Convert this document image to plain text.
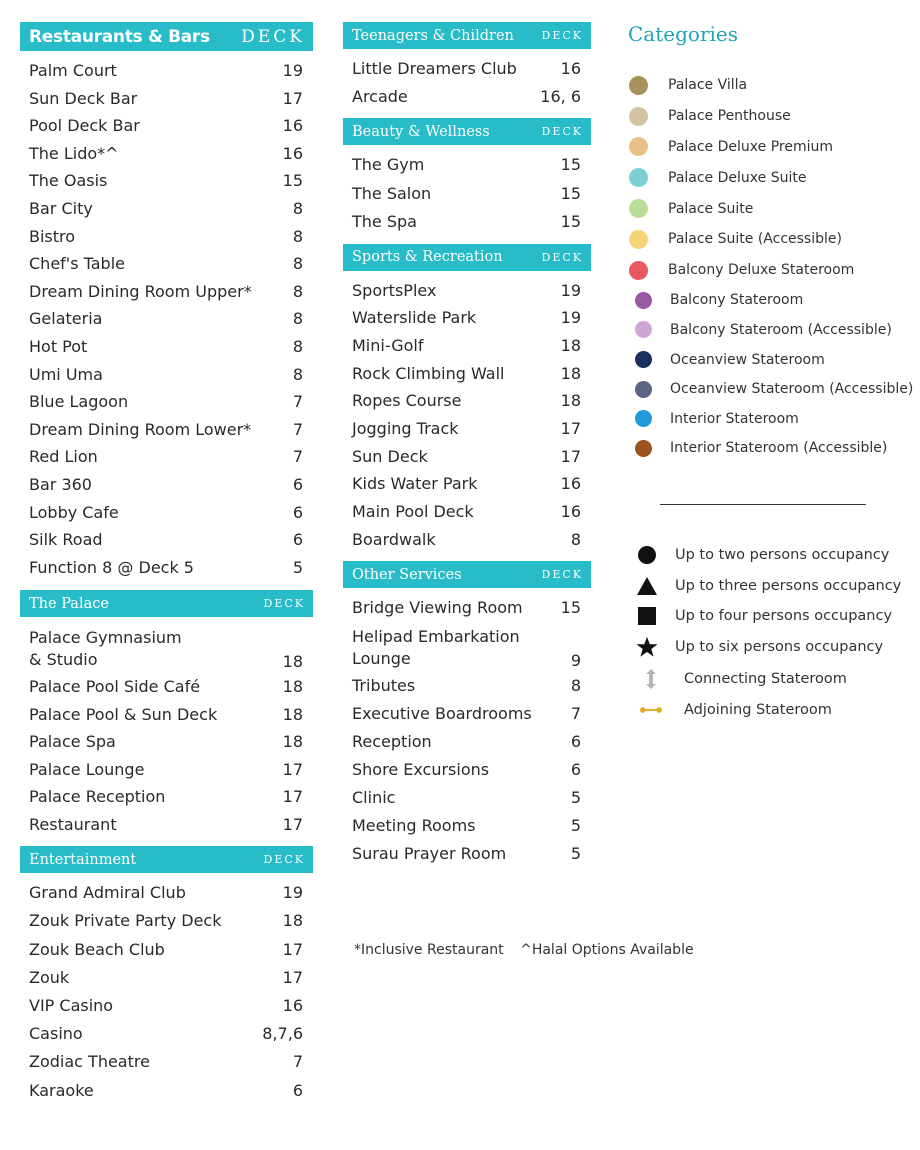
Restaurants & Bars DECK
Palm Court	19
Sun Deck Bar	17
Pool Deck Bar	16
The Lido*^	16
The Oasis	15
Bar City	8
Bistro	8
Chef's Table	8
Dream Dining Room Upper*	8
Gelateria	8
Hot Pot	8
Umi Uma	8
Blue Lagoon	7
Dream Dining Room Lower*	7
Red Lion	7
Bar 360	6
Lobby Cafe	6
Silk Road	6
Function 8 @ Deck 5	5
The Palace	DECK
Palace Gymnasium
& Studio	18
Palace Pool Side Café	18
Palace Pool & Sun Deck	18
Palace Spa	18
Palace Lounge	17
Palace Reception	17
Restaurant	17
Entertainment	DECK
Grand Admiral Club	19
Zouk Private Party Deck	18
Zouk Beach Club	17
Zouk	17
VIP Casino	16
Casino	8,7,6
Zodiac Theatre	7
Karaoke	6
Teenagers & Children	DECK
Little Dreamers Club	16
Arcade	16, 6
Beauty & Wellness	DECK
The Gym	15
The Salon	15
The Spa	15
Sports & Recreation	DECK
SportsPlex	19
Waterslide Park	19
Mini-Golf	18
Rock Climbing Wall	18
Ropes Course	18
Jogging Track	17
Sun Deck	17
Kids Water Park	16
Main Pool Deck	16
Boardwalk	8
Other Services	DECK
Bridge Viewing Room	15
Helipad Embarkation
Lounge	9
Tributes	8
Executive Boardrooms	7
Reception	6
Shore Excursions	6
Clinic	5
Meeting Rooms	5
Surau Prayer Room	5
Categories
Palace Villa
Palace Penthouse
Palace Deluxe Premium
Palace Deluxe Suite
Palace Suite
Palace Suite (Accessible)
Balcony Deluxe Stateroom
Balcony Stateroom
Balcony Stateroom (Accessible)
Oceanview Stateroom
Oceanview Stateroom (Accessible)
Interior Stateroom
Interior Stateroom (Accessible)
Up to two persons occupancy
Up to three persons occupancy
Up to four persons occupancy
Up to six persons occupancy
Connecting Stateroom
Adjoining Stateroom
*Inclusive Restaurant ^Halal Options Available
